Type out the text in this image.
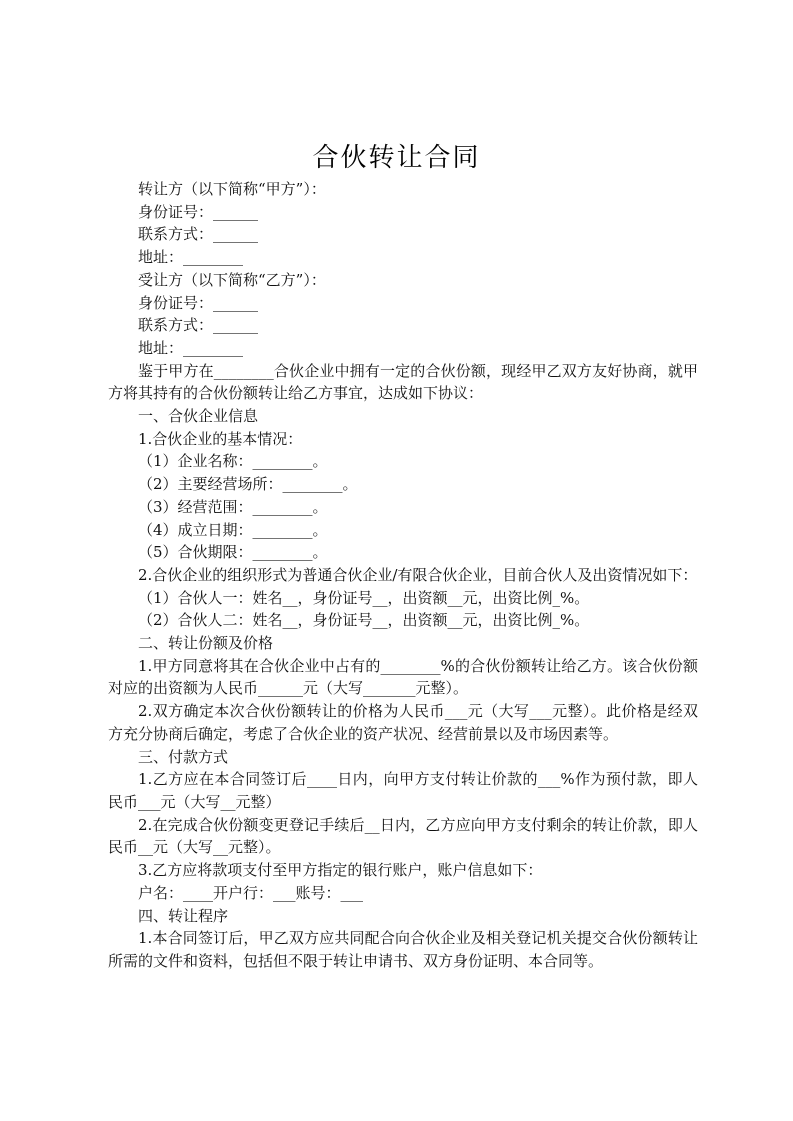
合伙转让合同

转让方（以下简称“甲方”）：

身份证号：______

联系方式：______

地址：________

受让方（以下简称“乙方”）：

身份证号：______

联系方式：______

地址：________

鉴于甲方在________合伙企业中拥有一定的合伙份额，现经甲乙双方友好协商，就甲方将其持有的合伙份额转让给乙方事宜，达成如下协议：

一、合伙企业信息

1.合伙企业的基本情况：

（1）企业名称：________。

（2）主要经营场所：________。

（3）经营范围：________。

（4）成立日期：________。

（5）合伙期限：________。

2.合伙企业的组织形式为普通合伙企业/有限合伙企业，目前合伙人及出资情况如下：

（1）合伙人一：姓名__，身份证号__，出资额__元，出资比例_%。

（2）合伙人二：姓名__，身份证号__，出资额__元，出资比例_%。

二、转让份额及价格

1.甲方同意将其在合伙企业中占有的________%的合伙份额转让给乙方。该合伙份额对应的出资额为人民币______元（大写_______元整）。

2.双方确定本次合伙份额转让的价格为人民币___元（大写___元整）。此价格是经双方充分协商后确定，考虑了合伙企业的资产状况、经营前景以及市场因素等。

三、付款方式

1.乙方应在本合同签订后____日内，向甲方支付转让价款的___%作为预付款，即人民币___元（大写__元整）

2.在完成合伙份额变更登记手续后__日内，乙方应向甲方支付剩余的转让价款，即人民币__元（大写__元整）。

3.乙方应将款项支付至甲方指定的银行账户，账户信息如下：

户名：____开户行：___账号：___

四、转让程序

1.本合同签订后，甲乙双方应共同配合向合伙企业及相关登记机关提交合伙份额转让所需的文件和资料，包括但不限于转让申请书、双方身份证明、本合同等。
